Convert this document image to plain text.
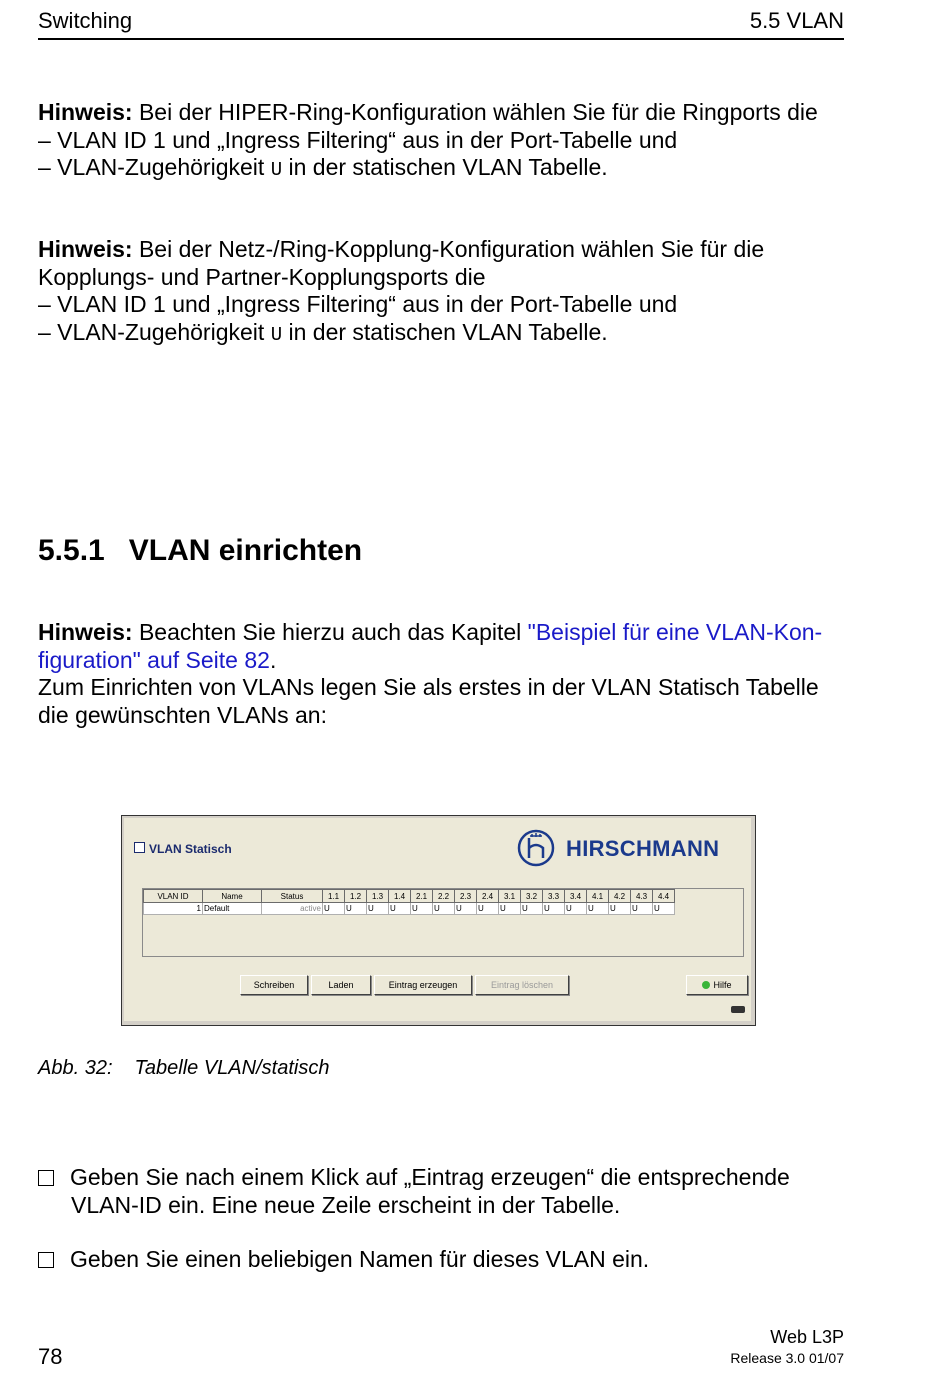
Switching	5.5 VLAN
Hinweis: Bei der HIPER-Ring-Konfiguration wählen Sie für die Ringports die
– VLAN ID 1 und „Ingress Filtering“ aus in der Port-Tabelle und
– VLAN-Zugehörigkeit U in der statischen VLAN Tabelle.
Hinweis: Bei der Netz-/Ring-Kopplung-Konfiguration wählen Sie für die
Kopplungs- und Partner-Kopplungsports die
– VLAN ID 1 und „Ingress Filtering“ aus in der Port-Tabelle und
– VLAN-Zugehörigkeit U in der statischen VLAN Tabelle.
5.5.1 VLAN einrichten
Hinweis: Beachten Sie hierzu auch das Kapitel "Beispiel für eine VLAN-Kon-
figuration" auf Seite 82.
Zum Einrichten von VLANs legen Sie als erstes in der VLAN Statisch Tabelle
die gewünschten VLANs an:
VLAN Statisch	HIRSCHMANN
VLAN ID	Name	Status	1.1	1.2	1.3	1.4	2.1	2.2	2.3	2.4	3.1	3.2	3.3	3.4	4.1	4.2	4.3	4.4
1	Default	active	U	U	U	U	U	U	U	U	U	U	U	U	U	U	U	U
Schreiben	Laden	Eintrag erzeugen	Eintrag löschen	Hilfe
Abb. 32: Tabelle VLAN/statisch
Geben Sie nach einem Klick auf „Eintrag erzeugen“ die entsprechende
VLAN-ID ein. Eine neue Zeile erscheint in der Tabelle.
Geben Sie einen beliebigen Namen für dieses VLAN ein.
78
Web L3P
Release 3.0 01/07
